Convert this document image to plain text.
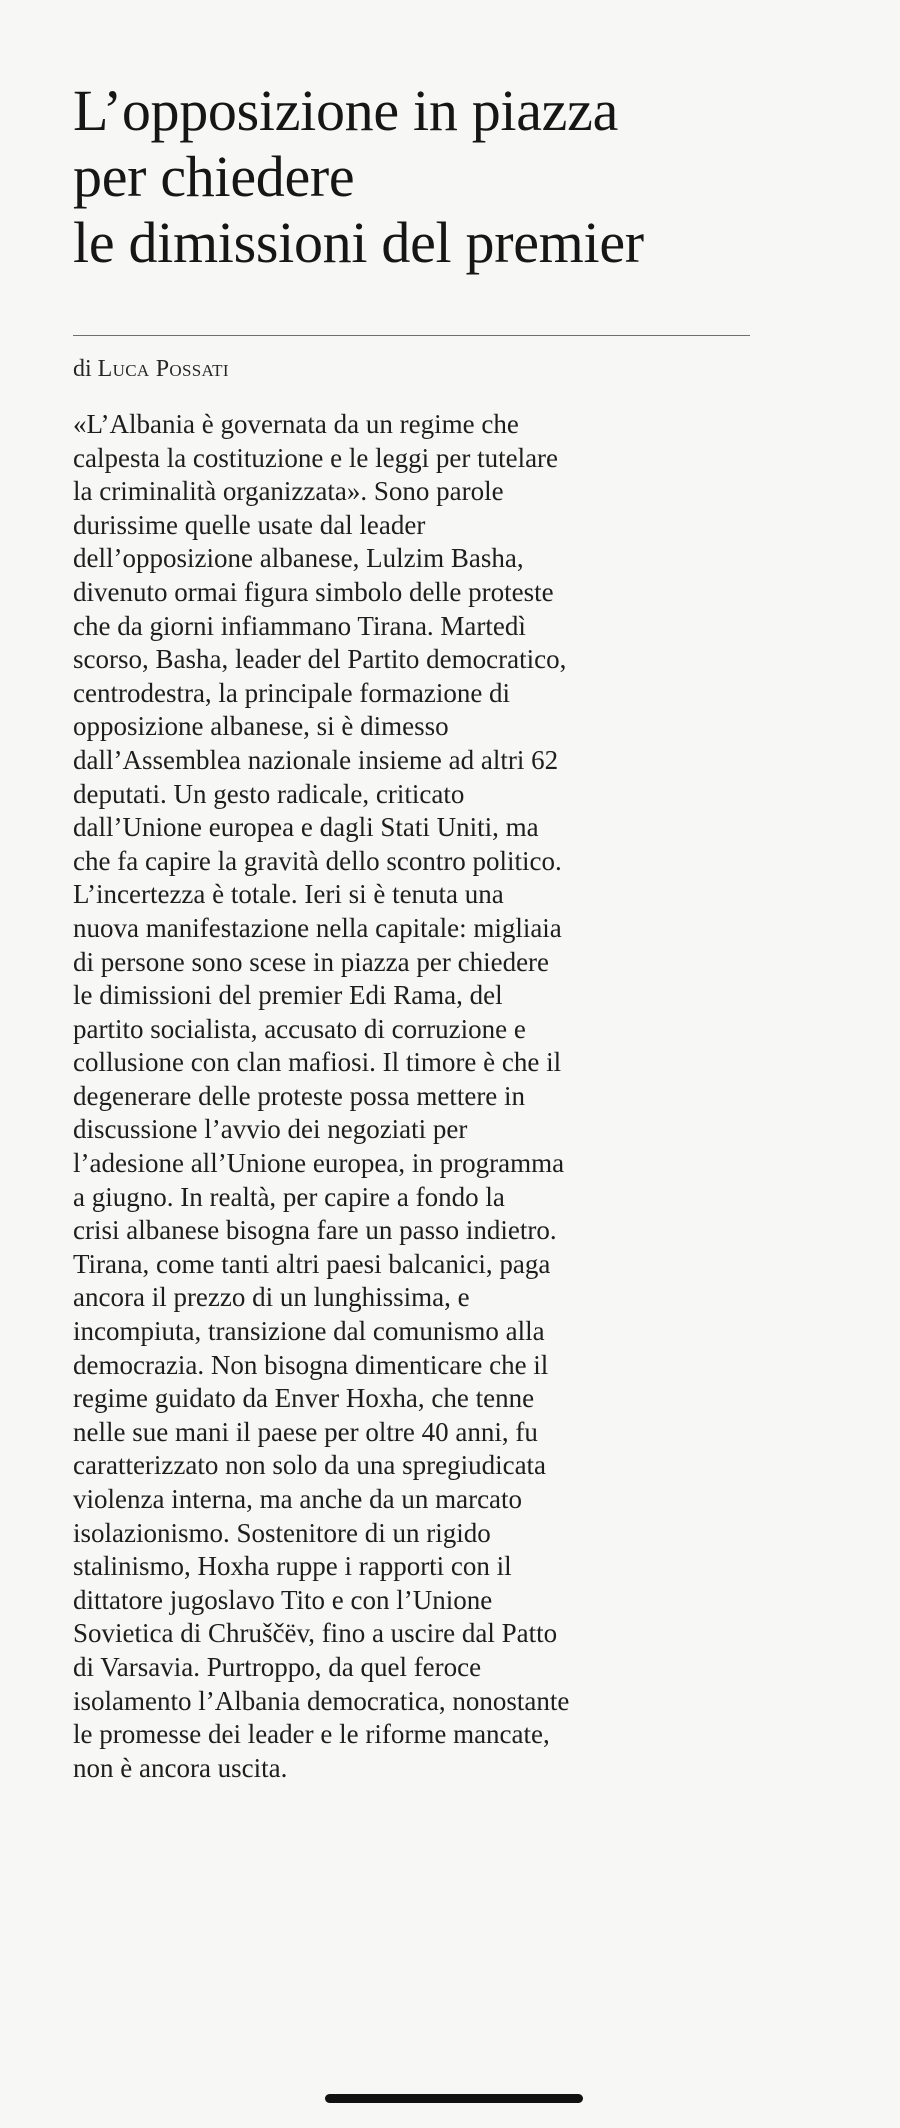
L’opposizione in piazza
per chiedere
le dimissioni del premier
di Luca Possati
«L’Albania è governata da un regime che
calpesta la costituzione e le leggi per tutelare
la criminalità organizzata». Sono parole
durissime quelle usate dal leader
dell’opposizione albanese, Lulzim Basha,
divenuto ormai figura simbolo delle proteste
che da giorni infiammano Tirana. Martedì
scorso, Basha, leader del Partito democratico,
centrodestra, la principale formazione di
opposizione albanese, si è dimesso
dall’Assemblea nazionale insieme ad altri 62
deputati. Un gesto radicale, criticato
dall’Unione europea e dagli Stati Uniti, ma
che fa capire la gravità dello scontro politico.
L’incertezza è totale. Ieri si è tenuta una
nuova manifestazione nella capitale: migliaia
di persone sono scese in piazza per chiedere
le dimissioni del premier Edi Rama, del
partito socialista, accusato di corruzione e
collusione con clan mafiosi. Il timore è che il
degenerare delle proteste possa mettere in
discussione l’avvio dei negoziati per
l’adesione all’Unione europea, in programma
a giugno. In realtà, per capire a fondo la
crisi albanese bisogna fare un passo indietro.
Tirana, come tanti altri paesi balcanici, paga
ancora il prezzo di un lunghissima, e
incompiuta, transizione dal comunismo alla
democrazia. Non bisogna dimenticare che il
regime guidato da Enver Hoxha, che tenne
nelle sue mani il paese per oltre 40 anni, fu
caratterizzato non solo da una spregiudicata
violenza interna, ma anche da un marcato
isolazionismo. Sostenitore di un rigido
stalinismo, Hoxha ruppe i rapporti con il
dittatore jugoslavo Tito e con l’Unione
Sovietica di Chruščëv, fino a uscire dal Patto
di Varsavia. Purtroppo, da quel feroce
isolamento l’Albania democratica, nonostante
le promesse dei leader e le riforme mancate,
non è ancora uscita.
